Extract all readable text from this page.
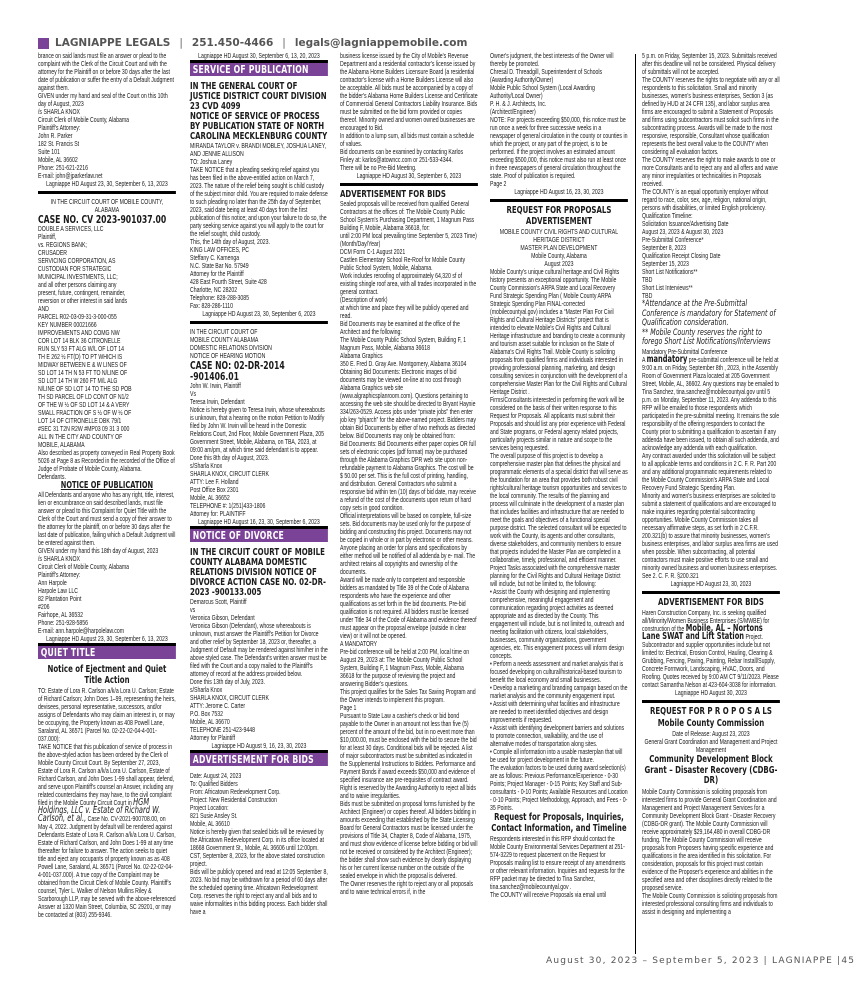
LAGNIAPPE LEGALS | 251.450-4466 | legals@lagniappemobile.com
brance on said lands must file an answer or plead to the complaint with the Clerk of the Circuit Court and with the attorney for the Plaintiff on or before 30 days after the last date of publication or suffer the entry of a Default Judgment against them.
GIVEN under my hand and seal of the Court on this 10th day of August, 2023
/s SHARLA KNOX
Circuit Clerk of Mobile County, Alabama
Plaintiff's Attorney:
John R. Parker
182 St. Francis St
Suite 101
Mobile, AL 36602
Phone: 251-621-2216
E-mail: john@jparkerlaw.net
Lagniappe HD August 23, 30, September 6, 13, 2023
IN THE CIRCUIT COURT OF MOBILE COUNTY, ALABAMA
CASE NO. CV 2023-901037.00
DOUBLE A SERVICES, LLC
Plaintiff,
vs. REGIONS BANK;
CRUSADER
SERVICING CORPORATION, AS
CUSTODIAN FOR STRATEGIC
MUNICIPAL INVESTMENTS, LLC;
and all other persons claiming any
present, future, contingent, remainder,
reversion or other interest in said lands
AND
PARCEL R02-03-09-31-3-000-055
KEY NUMBER 00021666
IMPROVEMENTS AND COMG NW
COR LOT 14 BLK 36 CITRONELLE
RUN SLY 53 FT ALG W/L OF LOT 14
TH E 262 ½ FT(D) TO PT WHICH IS
MIDWAY BETWEEN E & W LINES OF
SD LOT 14 TH N 53 FT TO N/LINE OF
SD LOT 14 TH W 260 FT M/L ALG
N/LINE OF SD LOT 14 TO THE SD POB
TH SD PARCEL OF LD CONT OF N1/2
OF THE W ½ OF SD LOT 14 & A VERY
SMALL FRACTION OF S ½ OF W ½ OF
LOT 14 OF CITRONELLE DBK 79/1
#SEC 31 T2N R2W #MP03 09 31 3 000
ALL IN THE CITY AND COUNTY OF
MOBILE, ALABAMA
Also described as property conveyed in Real Property Book 5026 at Page 8 as Recorded in the recorded of the Office of Judge of Probate of Mobile County, Alabama.
Defendants.
NOTICE OF PUBLICATION
All Defendants and anyone who has any right, title, interest, lien or encumbrance on said described lands, must file answer or plead to this Complaint for Quiet Title with the Clerk of the Court and must send a copy of their answer to the attorney for the plaintiff, on or before 30 days after the last date of publication, failing which a Default Judgment will be entered against them.
GIVEN under my hand this 18th day of August, 2023
/s SHARLA KNOX
Circuit Clerk of Mobile County, Alabama
Plaintiff's Attorney:
Ann Harpole
Harpole Law LLC
82 Plantation Point
#206
Fairhope, AL 36532
Phone: 251-928-5856
E-mail: ann.harpole@harpolelaw.com
Lagniappe HD August 23, 30, September 6, 13, 2023
QUIET TITLE
Notice of Ejectment and Quiet Title Action
TO: Estate of Lora R. Carlson a/k/a Lora U. Carlson; Estate of Richard Carlson; John Does 1–99, representing the heirs, devisees, personal representative, successors, and/or assigns of Defendants who may claim an interest in, or may be occupying, the Property known as 408 Powell Lane, Saraland, AL 36571 (Parcel No. 02-22-02-04-4-001-037.000):
TAKE NOTICE that this publication of service of process in the above-styled action has been ordered by the Clerk of Mobile County Circuit Court. By September 27, 2023, Estate of Lora R. Carlson a/k/a Lora U. Carlson, Estate of Richard Carlson, and John Does 1-99 shall appear, defend, and serve upon Plaintiff's counsel an Answer, including any related counterclaims they may have, to the civil complaint filed in the Mobile County Circuit Court in HGM Holdings, LLC v. Estate of Richard W. Carlson, et al., Case No. CV-2021-900708.00, on May 4, 2022. Judgment by default will be rendered against Defendants Estate of Lora R. Carlson a/k/a Lora U. Carlson, Estate of Richard Carlson, and John Does 1-99 at any time thereafter for failure to answer. The action seeks to quiet title and eject any occupants of property known as as 408 Powell Lane, Saraland, AL 36571 (Parcel No. 02-22-02-04-4-001-037.000). A true copy of the Complaint may be obtained from the Circuit Clerk of Mobile County. Plaintiff's counsel, Tyler L. Walker of Nelson Mullins Riley & Scarborough LLP, may be served with the above-referenced Answer at 1320 Main Street, Columbia, SC 29201, or may be contacted at (803) 255-9346.
Lagniappe HD August 30, September 6, 13, 20, 2023
SERVICE OF PUBLICATION
IN THE GENERAL COURT OF JUSTICE DISTRICT COURT DIVISION
23 CVD 4099
NOTICE OF SERVICE OF PROCESS
BY PUBLICATION STATE OF NORTH CAROLINA MECKLENBURG COUNTY
MIRANDA TAYLOR v. BRANDI MOBLEY, JOSHUA LANEY, AND JENNIE ALLISON
TO: Joshua Laney
TAKE NOTICE that a pleading seeking relief against you has been filed in the above-entitled action on March 7, 2023. The nature of the relief being sought is child custody of the subject minor child. You are required to make defense to such pleading no later than the 25th day of September, 2023, said date being at least 40 days from the first publication of this notice; and upon your failure to do so, the party seeking service against you will apply to the court for the relief sought, child custody.
This, the 14th day of August, 2023.
KING LAW OFFICES, PC
Steffany C. Kamenga
N.C. State Bar No. 57949
Attorney for the Plaintiff
428 East Fourth Street, Suite 428
Charlotte, NC 28202
Telephone: 828-288-3085
Fax: 828-286-1110
Lagniappe HD August 23, 30, September 6, 2023
IN THE CIRCUIT COURT OF
MOBILE COUNTY ALABAMA
DOMESTIC RELATIONS DIVISION
NOTICE OF HEARING MOTION
CASE NO: 02-DR-2014 -901406.01
John W. Irwin, Plaintiff
Vs
Teresa Irwin, Defendant
Notice is hereby given to Teresa Irwin, whose whereabouts is unknown, that a hearing on the motion Petition to Modify filed by John W. Irwin will be heard in the Domestic Relations Court, 2nd Floor, Mobile Government Plaza, 205 Government Street, Mobile, Alabama, on TBA, 2023, at 09:00 am/pm, at which time said defendant is to appear. Done this 8th day of August, 2023.
s/Sharla Knox
SHARLA KNOX, CIRCUIT CLERK
ATTY: Lee F. Holland
Post Office Box 2301
Mobile, AL 36652
TELEPHONE #: 1(251)433-1806
Attorney for: PLAINTIFF
Lagniappe HD August 16, 23, 30, September 6, 2023
NOTICE OF DIVORCE
IN THE CIRCUIT COURT OF MOBILE COUNTY ALABAMA DOMESTIC RELATIONS DIVISION NOTICE OF DIVORCE ACTION CASE NO. 02-DR-2023 -900133.005
Demarcus Scott, Plaintiff
vs
Veronica Gibson, Defendant
Veronica Gibson (Defendant), whose whereabouts is unknown, must answer the Plaintiff's Petition for Divorce and other relief by September 18, 2023 or, thereafter, a Judgment of Default may be rendered against him/her in the above styled case. The Defendant's written answer must be filed with the Court and a copy mailed to the Plaintiff's attorney of record at the address provided below.
Done this 13th day of July, 2023.
s/Sharla Knox
SHARLA KNOX, CIRCUIT CLERK
ATTY: Jerome C. Carter
P.O. Box 7532
Mobile, AL 36670
TELEPHONE 251-423-9448
Attorney for Plaintiff
Lagniappe HD August 9, 16, 23, 30, 2023
ADVERTISEMENT FOR BIDS
Date: August 24, 2023
To: Qualified Bidders
From: Africatown Redevelopment Corp.
Project: New Residential Construction
Project Location:
821 Susie Ansley St.
Mobile, AL 36610
Notice is hereby given that sealed bids will be reviewed by the Africatown Redevelopment Corp. in its office located at 18668 Government St., Mobile, AL 36606 until 12:00pm. CST, September 8, 2023, for the above stated construction project.
Bids will be publicly opened and read at 12:05 September 8, 2023. No bid may be withdrawn for a period of 60 days after the scheduled opening time. Africatown Redevelopment Corp. reserves the right to reject any and all bids and to waive informalities in this bidding process. Each bidder shall have a
business license issued by the City of Mobile's Revenue Department and a residential contractor's license issued by the Alabama Home Builders Licensure Board (a residential contractor's license with a Home Builders License will also be acceptable. All bids must be accompanied by a copy of the bidder's Alabama Home Builders License and Certificate of Commercial General Contractors Liability Insurance. Bids must be submitted on the bid form provided or copies thereof. Minority owned and women owned businesses are encouraged to Bid.
In addition to a lump sum, all bids must contain a schedule of values.
Bid documents can be examined by contacting Karlos Finley at: karlos@atowncc.com or 251-533-4344.
There will be no Pre-Bid Meeting.
Lagniappe HD August 30, September 6, 2023
ADVERTISEMENT FOR BIDS
Sealed proposals will be received from qualified General Contractors at the offices of: The Mobile County Public School System's Purchasing Department, 1 Magnum Pass Building F, Mobile, Alabama 36618, for:
until 2:00 PM local prevailing time September 5, 2023 Time)
(Month/Day/Year)
DCM Form C-1 August 2021
Castlen Elementary School Re-Roof for Mobile County Public School System, Mobile, Alabama.
Work includes reroofing of approximately 64,320 sf of existing shingle roof area, with all trades incorporated in the general contract.
(Description of work)
at which time and place they will be publicly opened and read.
Bid Documents may be examined at the office of the Architect and the following:
The Mobile County Public School System, Building F, 1 Magnum Pass, Mobile, Alabama 36618
Alabama Graphics
350 E. Fred D. Gray Ave. Montgomery, Alabama 36104
Obtaining Bid Documents: Electronic images of bid documents may be viewed on-line at no cost through Alabama Graphics web site (www.algraphicsplanroom.com). Questions pertaining to accessing the web site should be directed to Bryant Haynie 334/263-0529. Access jobs under “private jobs” then enter job key “phjarch” for the above-named project. Bidders may obtain Bid Documents by either of two methods as directed below. Bid Documents may only be obtained from:
Bid Documents: Bid Documents either paper copies OR full sets of electronic copies (pdf format) may be purchased through the Alabama Graphics DPR web site upon non-refundable payment to Alabama Graphics. The cost will be $ 50.00 per set. This is the full cost of printing, handling, and distribution. General Contractors who submit a responsive bid within ten (10) days of bid date, may receive a refund of the cost of the documents upon return of hard copy sets in good condition.
Official interpretations will be based on complete, full-size sets. Bid documents may be used only for the purpose of bidding and constructing this project. Documents may not be copied in whole or in part by electronic or other means. Anyone placing an order for plans and specifications by either method will be notified of all addenda by e- mail. The architect retains all copyrights and ownership of the documents.
Award will be made only to competent and responsible bidders as mandated by Title 39 of the Code of Alabama respondents who have the experience and other qualifications as set forth in the bid documents. Pre-bid qualification is not required. All bidders must be licensed under Title 34 of the Code of Alabama and evidence thereof must appear on the proposal envelope (outside in clear view) or it will not be opened.
A MANDATORY
Pre-bid conference will be held at 2:00 PM, local time on August 29, 2023 at: The Mobile County Public School System, Building F, 1 Magnum Pass, Mobile, Alabama 36618 for the purpose of reviewing the project and answering Bidder's questions.
This project qualifies for the Sales Tax Saving Program and the Owner intends to implement this program.
Page 1
Pursuant to State Law a cashier's check or bid bond payable to the Owner in an amount not less than five (5) percent of the amount of the bid, but in no event more than $10,000.00, must be enclosed with the bid to secure the bid for at least 30 days. Conditional bids will be rejected. A list of major subcontractors must be submitted as indicated in the Supplemental Instructions to Bidders. Performance and Payment Bonds if award exceeds $50,000 and evidence of specified insurance are pre-requisites of contract award. Right is reserved by the Awarding Authority to reject all bids and to waive irregularities.
Bids must be submitted on proposal forms furnished by the Architect (Engineer) or copies thereof. All bidders bidding in amounts exceeding that established by the State Licensing Board for General Contractors must be licensed under the provisions of Title 34, Chapter 8, Code of Alabama, 1975, and must show evidence of license before bidding or bid will not be received or considered by the Architect (Engineer); the bidder shall show such evidence by clearly displaying his or her current license number on the outside of the sealed envelope in which the proposal is delivered.
The Owner reserves the right to reject any or all proposals and to waive technical errors if, in the
Owner's judgment, the best interests of the Owner will thereby be promoted.
Chresal D. Threadgill, Superintendent of Schools
(Awarding Authority/Owner)
Mobile Public School System (Local Awarding Authority/Local Owner)
P. H. & J. Architects, Inc.
(Architect/Engineer)
NOTE: For projects exceeding $50,000, this notice must be run once a week for three successive weeks in a newspaper of general circulation in the county or counties in which the project, or any part of the project, is to be performed. If the project involves an estimated amount exceeding $500,000, this notice must also run at least once in three newspapers of general circulation throughout the state. Proof of publication is required.
Page 2
Lagniappe HD August 16, 23, 30, 2023
REQUEST FOR PROPOSALS ADVERTISEMENT
MOBILE COUNTY CIVIL RIGHTS AND CULTURAL HERITAGE DISTRICT
MASTER PLAN DEVELOPMENT
Mobile County, Alabama
August 2023
Mobile County's unique cultural heritage and Civil Rights history presents an exceptional opportunity. The Mobile County Commission's ARPA State and Local Recovery Fund Strategic Spending Plan ( Mobile County ARPA Strategic Spending Plan FINAL-corrected (mobilecountyal.gov) includes a “Master Plan For Civil Rights and Cultural Heritage Districts” project that is intended to elevate Mobile's Civil Rights and Cultural Heritage infrastructure and branding to create a community and tourism asset suitable for inclusion on the State of Alabama's Civil Rights Trail. Mobile County is soliciting proposals from qualified firms and individuals interested in providing professional planning, marketing, and design consulting services in conjunction with the development of a comprehensive Master Plan for the Civil Rights and Cultural Heritage District .
Firms/Consultants interested in performing the work will be considered on the basis of their written response to this Request for Proposals. All applicants must submit their Proposals and should list any prior experience with Federal and State programs, or Federal agency related projects, particularly projects similar in nature and scope to the services being requested.
The overall purpose of this project is to develop a comprehensive master plan that defines the physical and programmatic elements of a special district that will serve as the foundation for an area that provides both robust civil rights/cultural heritage tourism opportunities and services to the local community. The results of the planning and process will culminate in the development of a master plan that includes facilities and infrastructure that are needed to meet the goals and objectives of a functional special purpose district. The selected consultant will be expected to work with the County, its agents and other consultants, diverse stakeholders, and community members to ensure that projects included the Master Plan are completed in a collaborative, timely, professional, and efficient manner. Project Tasks associated with the comprehensive master planning for the Civil Rights and Cultural Heritage District will include, but not be limited to, the following:
• Assist the County with designing and implementing comprehensive, meaningful engagement and communication regarding project activities as deemed appropriate and as directed by the County. This engagement will include, but is not limited to, outreach and meeting facilitation with citizens, local stakeholders, businesses, community organizations, government agencies, etc. This engagement process will inform design concepts.
• Perform a needs assessment and market analysis that is focused developing on cultural/historical-based tourism to benefit the local economy and small businesses.
• Develop a marketing and branding campaign based on the market analysis and the community engagement input.
• Assist with determining what facilities and infrastructure are needed to meet identified objectives and design improvements if requested.
• Assist with identifying development barriers and solutions to promote connection, walkability, and the use of alternative modes of transportation along sites.
• Compile all information into a usable masterplan that will be used for project development in the future.
The evaluation factors to be used during award selection(s) are as follows: Previous Performance/Experience - 0-30 Points; Project Manager - 0-15 Points; Key Staff and Sub-consultants - 0-10 Points; Available Resources and Location - 0-10 Points; Project Methodology, Approach, and Fees - 0-35 Points.
Request for Proposals, Inquiries, Contact Information, and Timeline
Respondents interested in this RFP should contact the Mobile County Environmental Services Department at 251-574-3229 to request placement on the Request for Proposals mailing list to ensure receipt of any amendments or other relevant information. Inquiries and requests for the RFP packet may be directed to Tina Sanchez, tina.sanchez@mobilecountyal.gov .
The COUNTY will receive Proposals via email until
5 p.m. on Friday, September 15, 2023. Submittals received after this deadline will not be considered. Physical delivery of submittals will not be accepted.
The COUNTY reserves the rights to negotiate with any or all respondents to this solicitation. Small and minority businesses, women's business enterprises, Section 3 (as defined by HUD at 24 CFR 135), and labor surplus area firms are encouraged to submit a Statement of Proposals and firms using subcontractors must solicit such firms in the subcontracting process. Awards will be made to the most responsive, responsible, Consultant whose qualification represents the best overall value to the COUNTY when considering all evaluation factors.
The COUNTY reserves the right to make awards to one or more Consultants and to reject any and all offers and waive any minor irregularities or technicalities in Proposals received.
The COUNTY is an equal opportunity employer without regard to race, color, sex, age, religion, national origin, persons with disabilities, or limited English proficiency.
Qualification Timeline:
Solicitation Issuance/Advertising Date
August 23, 2023 & August 30, 2023
Pre-Submittal Conference*
September 8, 2023
Qualification Receipt Closing Date
September 15, 2023
Short List Notifications**
TBD
Short List Interviews**
TBD
*Attendance at the Pre-Submittal Conference is mandatory for Statement of Qualification consideration.
** Mobile County reserves the right to forego Short List Notifications/Interviews
Mandatory Pre-Submittal Conference
A mandatory pre-submittal conference will be held at 9:00 a.m. on Friday, September 8th , 2023, in the Assembly Room of Government Plaza located at 205 Government Street, Mobile, AL, 36602. Any questions may be emailed to Tina Sanchez, tina.sanchez@mobilecountyal.gov until 5 p.m. on Monday, September 11, 2023. Any addenda to this RFP will be emailed to those respondents which participated in the pre-submittal meeting. It remains the sole responsibility of the offering responders to contact the County prior to submitting a qualification to ascertain if any addenda have been issued, to obtain all such addenda, and acknowledge any addenda with each qualification.
Any contract awarded under this solicitation will be subject to all applicable terms and conditions in 2 C. F. R. Part 200 and any additional programmatic requirements related to the Mobile County Commission's ARPA State and Local Recovery Fund Strategic Spending Plan.
Minority and women's business enterprises are solicited to submit a statement of qualifications and are encouraged to make inquiries regarding potential subcontracting opportunities. Mobile County Commission takes all necessary affirmative steps, as set forth in 2 C.F.R. 200.321(b) to assure that minority businesses, women's business enterprises, and labor surplus area firms are used when possible. When subcontracting, all potential contractors must make positive efforts to use small and minority owned business and women business enterprises. See 2. C. F. R. §200.321
Lagniappe HD August 23, 30, 2023
ADVERTISEMENT FOR BIDS
Haren Construction Company, Inc. is seeking qualified all/Minority/Women Business Enterprises (S/MWBE) for construction of the Mobile, AL – Nortons Lane SWAT and Lift Station Project. Subcontractor and supplier opportunities include but not limited to: Electrical, Erosion Control, Hauling, Clearing & Grubbing, Fencing, Paving, Painting, Rebar Install/Supply, Concrete Formwork, Landscaping, HVAC, Doors, and Roofing. Quotes received by 9:00 AM CT 9/11/2023. Please contact Samantha Nelson at 423-604-3038 for information.
Lagniappe HD August 30, 2023
REQUEST FOR P R O P O S A LS
Mobile County Commission
Date of Release: August 23, 2023
General Grant Coordination and Management and Project Management
Community Development Block Grant – Disaster Recovery (CDBG-DR)
Mobile County Commission is soliciting proposals from interested firms to provide General Grant Coordination and Management and Project Management Services for a Community Development Block Grant - Disaster Recovery (CDBG-DR grant). The Mobile County Commission will receive approximately $29,164,480 in overall CDBG-DR funding. The Mobile County Commission will receive proposals from Proposers having specific experience and qualifications in the area identified in this solicitation. For consideration, proposals for this project must contain evidence of the Proposer's experience and abilities in the specified area and other disciplines directly related to the proposed service.
The Mobile County Commission is soliciting proposals from interested professional consulting firms and individuals to assist in designing and implementing a
August 30, 2023 – September 5, 2023 | LAGNIAPPE |45
